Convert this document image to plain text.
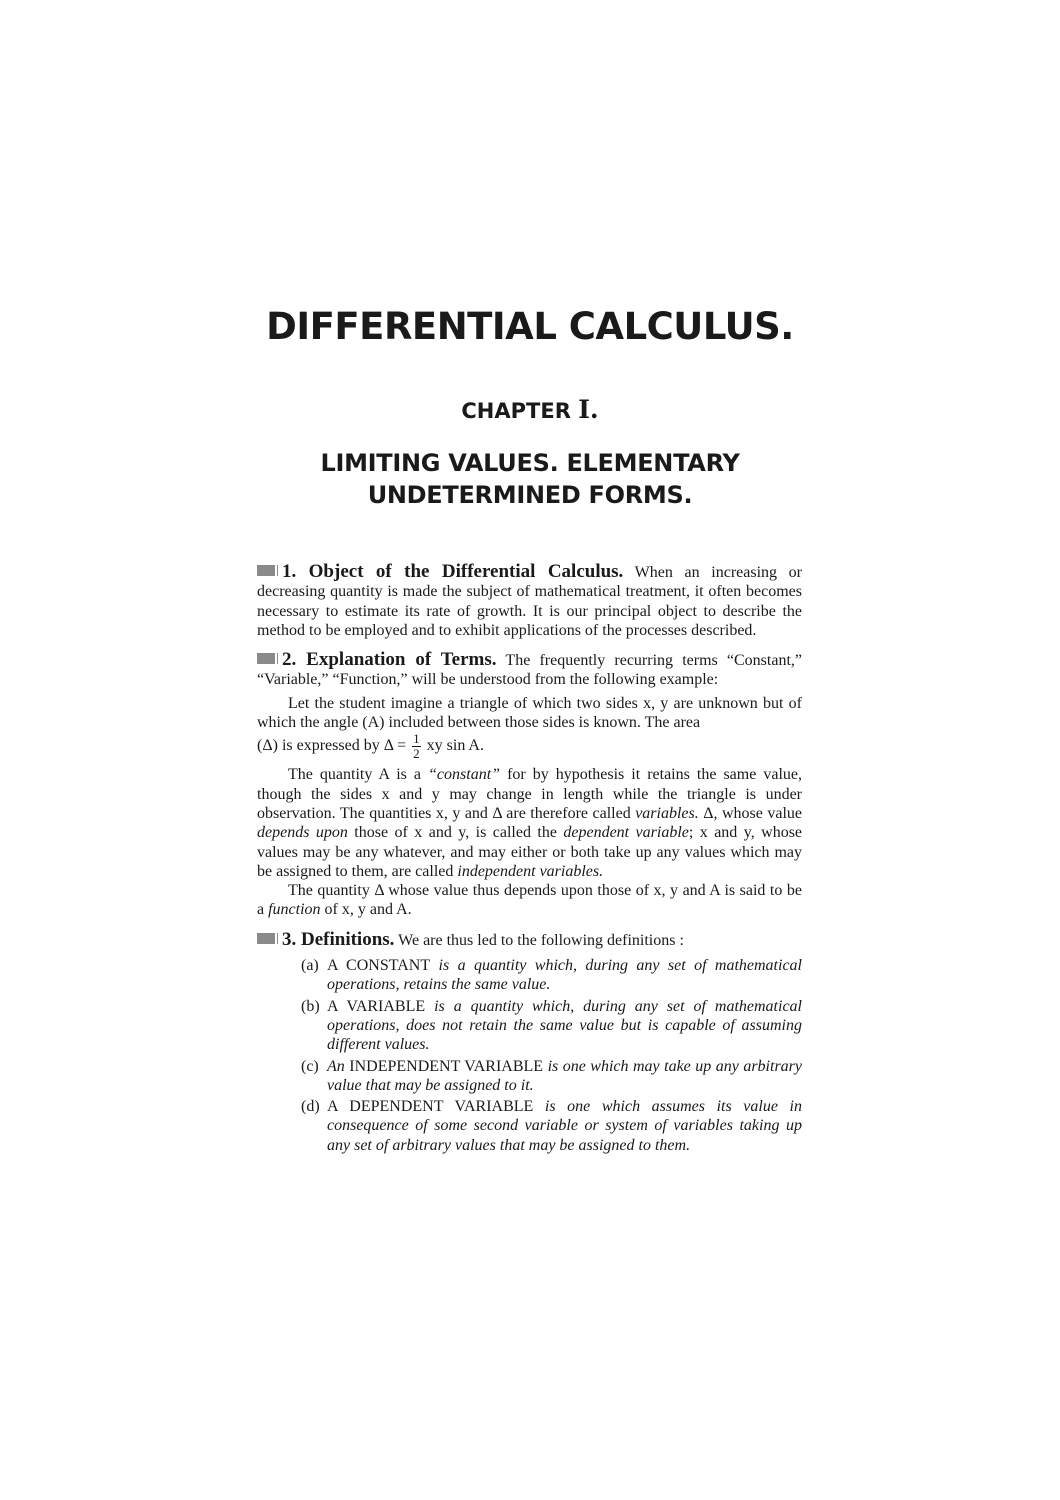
DIFFERENTIAL CALCULUS.
CHAPTER I.
LIMITING VALUES. ELEMENTARY
UNDETERMINED FORMS.

1. Object of the Differential Calculus. When an increasing or decreasing quantity is made the subject of mathematical treatment, it often becomes necessary to estimate its rate of growth. It is our principal object to describe the method to be employed and to exhibit applications of the processes described.

2. Explanation of Terms. The frequently recurring terms “Constant,” “Variable,” “Function,” will be understood from the following example:

Let the student imagine a triangle of which two sides x, y are unknown but of which the angle (A) included between those sides is known. The area

(Δ) is expressed by $\Delta = \frac{1}{2}$ xy sin A.

The quantity A is a “constant” for by hypothesis it retains the same value, though the sides x and y may change in length while the triangle is under observation. The quantities x, y and Δ are therefore called variables. Δ, whose value depends upon those of x and y, is called the dependent variable; x and y, whose values may be any whatever, and may either or both take up any values which may be assigned to them, are called independent variables.

The quantity Δ whose value thus depends upon those of x, y and A is said to be a function of x, y and A.

3. Definitions. We are thus led to the following definitions :

(a) A CONSTANT is a quantity which, during any set of mathematical operations, retains the same value.
(b) A VARIABLE is a quantity which, during any set of mathematical operations, does not retain the same value but is capable of assuming different values.
(c) An INDEPENDENT VARIABLE is one which may take up any arbitrary value that may be assigned to it.
(d) A DEPENDENT VARIABLE is one which assumes its value in consequence of some second variable or system of variables taking up any set of arbitrary values that may be assigned to them.
